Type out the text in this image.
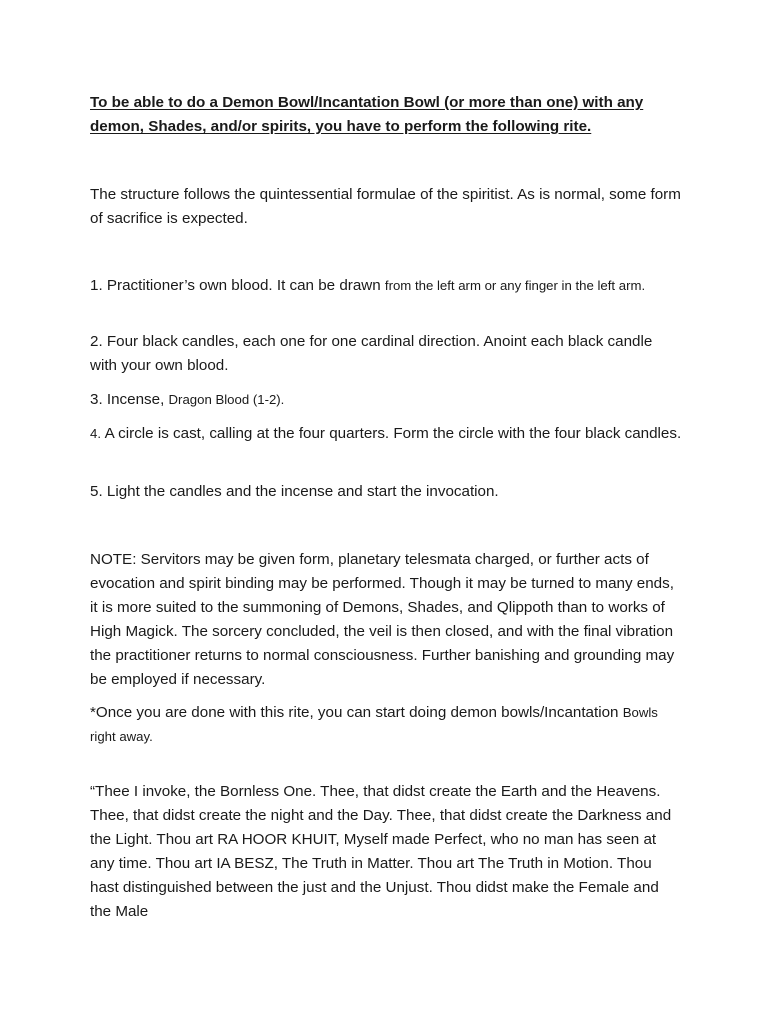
To be able to do a Demon Bowl/Incantation Bowl (or more than one) with any demon, Shades, and/or spirits, you have to perform the following rite.

The structure follows the quintessential formulae of the spiritist. As is normal, some form of sacrifice is expected.

1. Practitioner’s own blood. It can be drawn from the left arm or any finger in the left arm.

2. Four black candles, each one for one cardinal direction. Anoint each black candle with your own blood.

3. Incense, Dragon Blood (1-2).

4. A circle is cast, calling at the four quarters. Form the circle with the four black candles.

5. Light the candles and the incense and start the invocation.

NOTE: Servitors may be given form, planetary telesmata charged, or further acts of evocation and spirit binding may be performed. Though it may be turned to many ends, it is more suited to the summoning of Demons, Shades, and Qlippoth than to works of High Magick. The sorcery concluded, the veil is then closed, and with the final vibration the practitioner returns to normal consciousness. Further banishing and grounding may be employed if necessary.

*Once you are done with this rite, you can start doing demon bowls/Incantation Bowls right away.

“Thee I invoke, the Bornless One. Thee, that didst create the Earth and the Heavens. Thee, that didst create the night and the Day. Thee, that didst create the Darkness and the Light. Thou art RA HOOR KHUIT, Myself made Perfect, who no man has seen at any time. Thou art IA BESZ, The Truth in Matter. Thou art The Truth in Motion. Thou hast distinguished between the just and the Unjust. Thou didst make the Female and the Male
